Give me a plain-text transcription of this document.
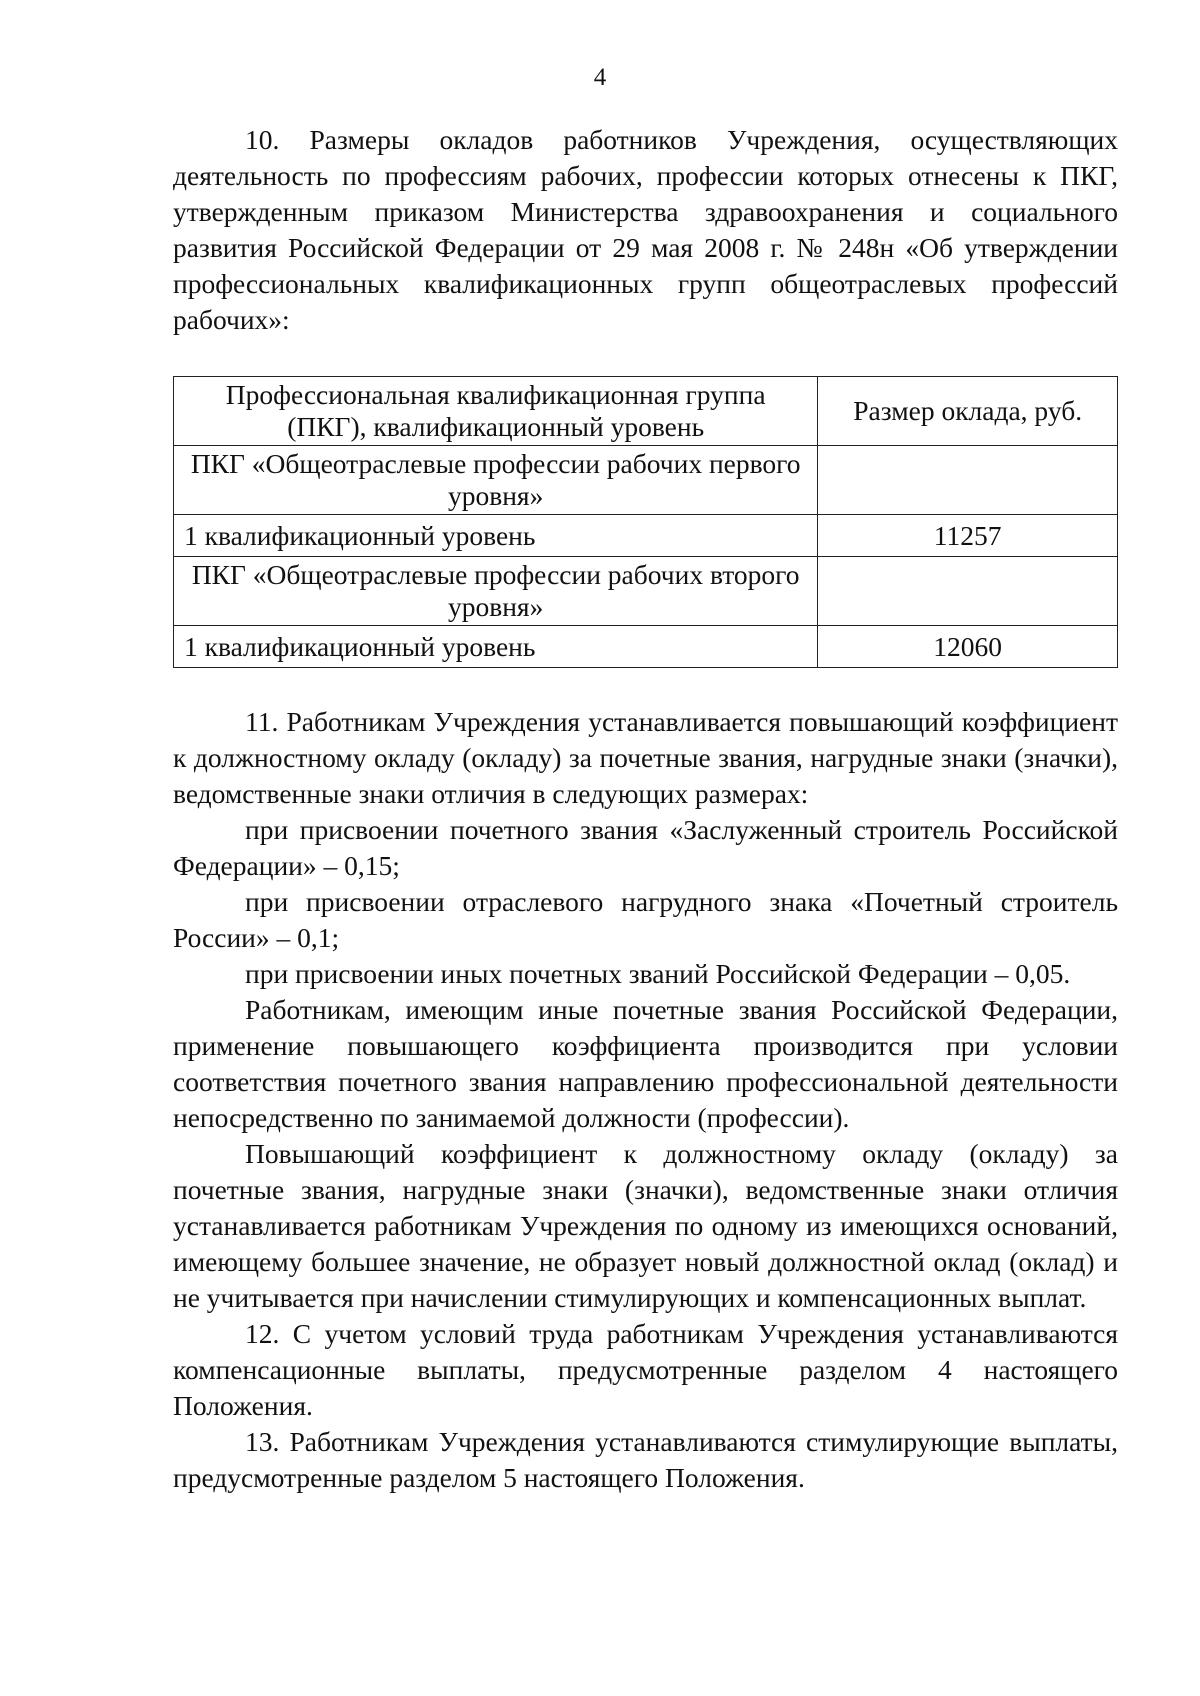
4

10. Размеры окладов работников Учреждения, осуществляющих деятельность по профессиям рабочих, профессии которых отнесены к ПКГ, утвержденным приказом Министерства здравоохранения и социального развития Российской Федерации от 29 мая 2008 г. № 248н «Об утверждении профессиональных квалификационных групп общеотраслевых профессий рабочих»:

Профессиональная квалификационная группа (ПКГ), квалификационный уровень	Размер оклада, руб.
ПКГ «Общеотраслевые профессии рабочих первого уровня»	
1 квалификационный уровень	11257
ПКГ «Общеотраслевые профессии рабочих второго уровня»	
1 квалификационный уровень	12060

11. Работникам Учреждения устанавливается повышающий коэффициент к должностному окладу (окладу) за почетные звания, нагрудные знаки (значки), ведомственные знаки отличия в следующих размерах:

при присвоении почетного звания «Заслуженный строитель Российской Федерации» – 0,15;

при присвоении отраслевого нагрудного знака «Почетный строитель России» – 0,1;

при присвоении иных почетных званий Российской Федерации – 0,05.

Работникам, имеющим иные почетные звания Российской Федерации, применение повышающего коэффициента производится при условии соответствия почетного звания направлению профессиональной деятельности непосредственно по занимаемой должности (профессии).

Повышающий коэффициент к должностному окладу (окладу) за почетные звания, нагрудные знаки (значки), ведомственные знаки отличия устанавливается работникам Учреждения по одному из имеющихся оснований, имеющему большее значение, не образует новый должностной оклад (оклад) и не учитывается при начислении стимулирующих и компенсационных выплат.

12. С учетом условий труда работникам Учреждения устанавливаются компенсационные выплаты, предусмотренные разделом 4 настоящего Положения.

13. Работникам Учреждения устанавливаются стимулирующие выплаты, предусмотренные разделом 5 настоящего Положения.
